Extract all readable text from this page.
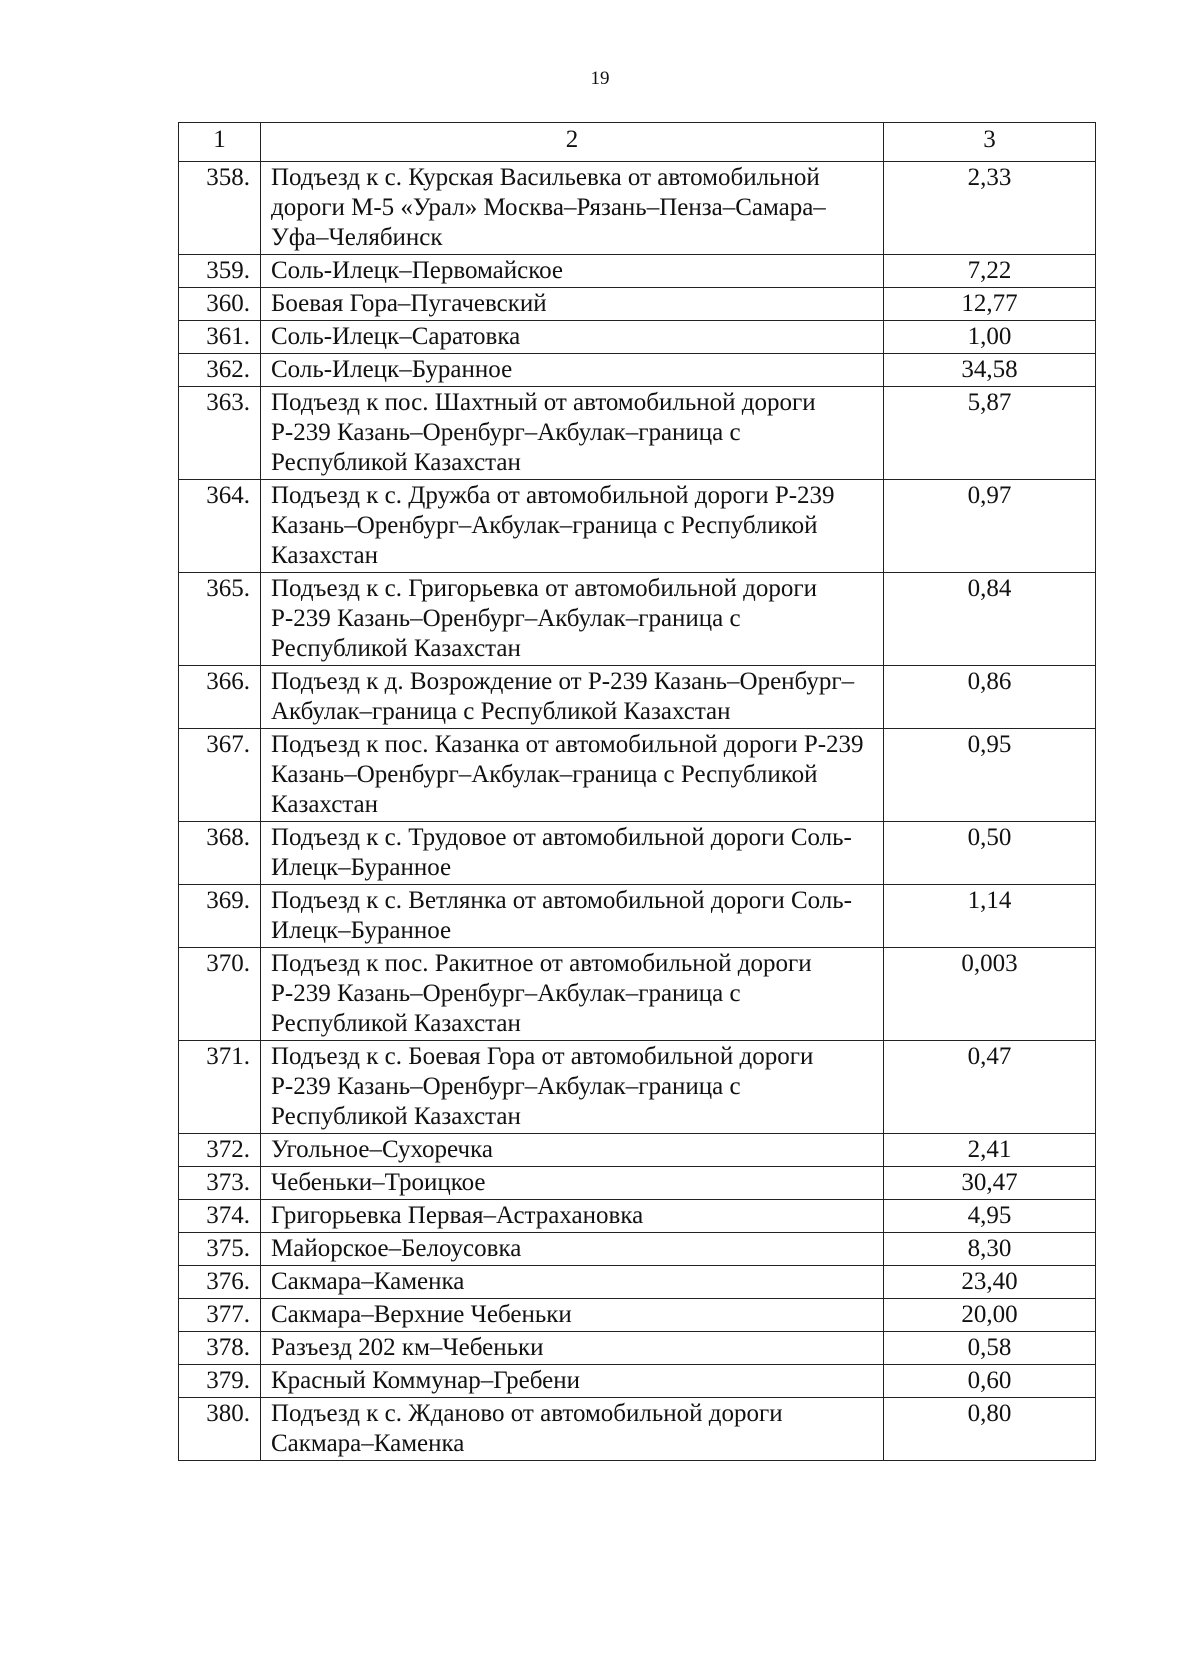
19
1	2	3
358.	Подъезд к с. Курская Васильевка от автомобильной дороги М-5 «Урал» Москва–Рязань–Пенза–Самара–Уфа–Челябинск	2,33
359.	Соль-Илецк–Первомайское	7,22
360.	Боевая Гора–Пугачевский	12,77
361.	Соль-Илецк–Саратовка	1,00
362.	Соль-Илецк–Буранное	34,58
363.	Подъезд к пос. Шахтный от автомобильной дороги Р-239 Казань–Оренбург–Акбулак–граница с Республикой Казахстан	5,87
364.	Подъезд к с. Дружба от автомобильной дороги Р-239 Казань–Оренбург–Акбулак–граница с Республикой Казахстан	0,97
365.	Подъезд к с. Григорьевка от автомобильной дороги Р-239 Казань–Оренбург–Акбулак–граница с Республикой Казахстан	0,84
366.	Подъезд к д. Возрождение от Р-239 Казань–Оренбург–Акбулак–граница с Республикой Казахстан	0,86
367.	Подъезд к пос. Казанка от автомобильной дороги Р-239 Казань–Оренбург–Акбулак–граница с Республикой Казахстан	0,95
368.	Подъезд к с. Трудовое от автомобильной дороги Соль-Илецк–Буранное	0,50
369.	Подъезд к с. Ветлянка от автомобильной дороги Соль-Илецк–Буранное	1,14
370.	Подъезд к пос. Ракитное от автомобильной дороги Р-239 Казань–Оренбург–Акбулак–граница с Республикой Казахстан	0,003
371.	Подъезд к с. Боевая Гора от автомобильной дороги Р-239 Казань–Оренбург–Акбулак–граница с Республикой Казахстан	0,47
372.	Угольное–Сухоречка	2,41
373.	Чебеньки–Троицкое	30,47
374.	Григорьевка Первая–Астрахановка	4,95
375.	Майорское–Белоусовка	8,30
376.	Сакмара–Каменка	23,40
377.	Сакмара–Верхние Чебеньки	20,00
378.	Разъезд 202 км–Чебеньки	0,58
379.	Красный Коммунар–Гребени	0,60
380.	Подъезд к с. Жданово от автомобильной дороги Сакмара–Каменка	0,80
